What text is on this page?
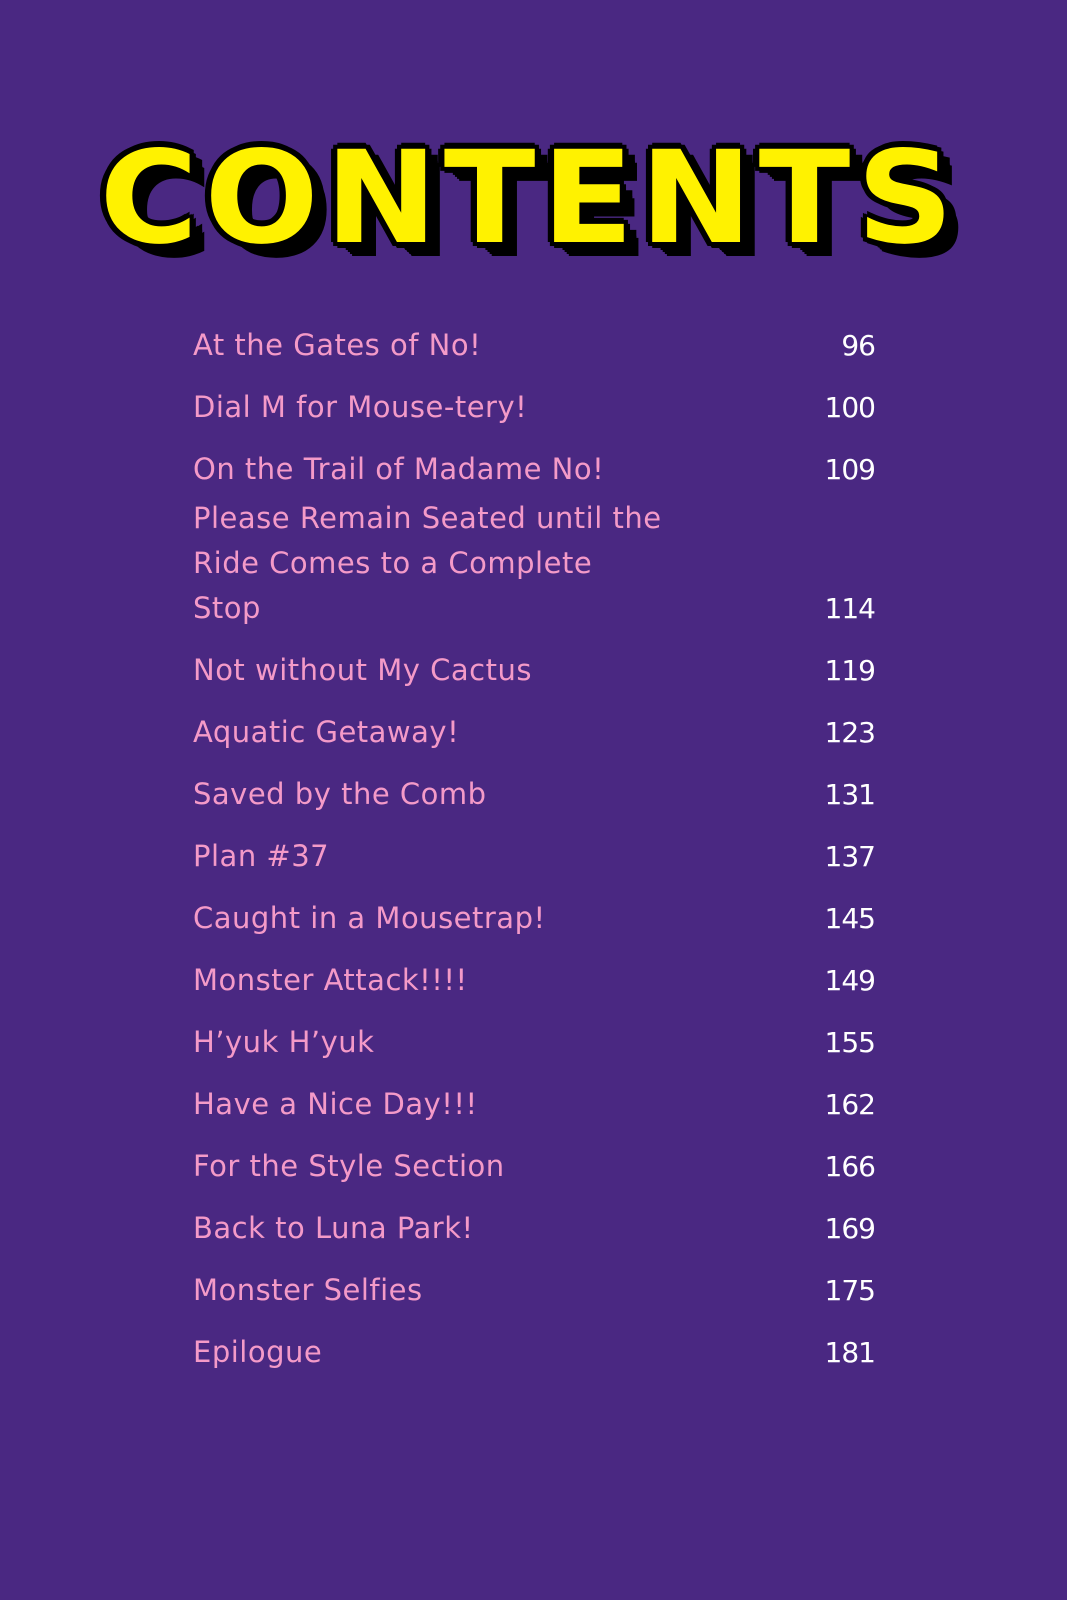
CONTENTS
At the Gates of No!	96
Dial M for Mouse-tery!	100
On the Trail of Madame No!	109
Please Remain Seated until the Ride Comes to a Complete Stop	114
Not without My Cactus	119
Aquatic Getaway!	123
Saved by the Comb	131
Plan #37	137
Caught in a Mousetrap!	145
Monster Attack!!!!	149
H’yuk H’yuk	155
Have a Nice Day!!!	162
For the Style Section	166
Back to Luna Park!	169
Monster Selfies	175
Epilogue	181
